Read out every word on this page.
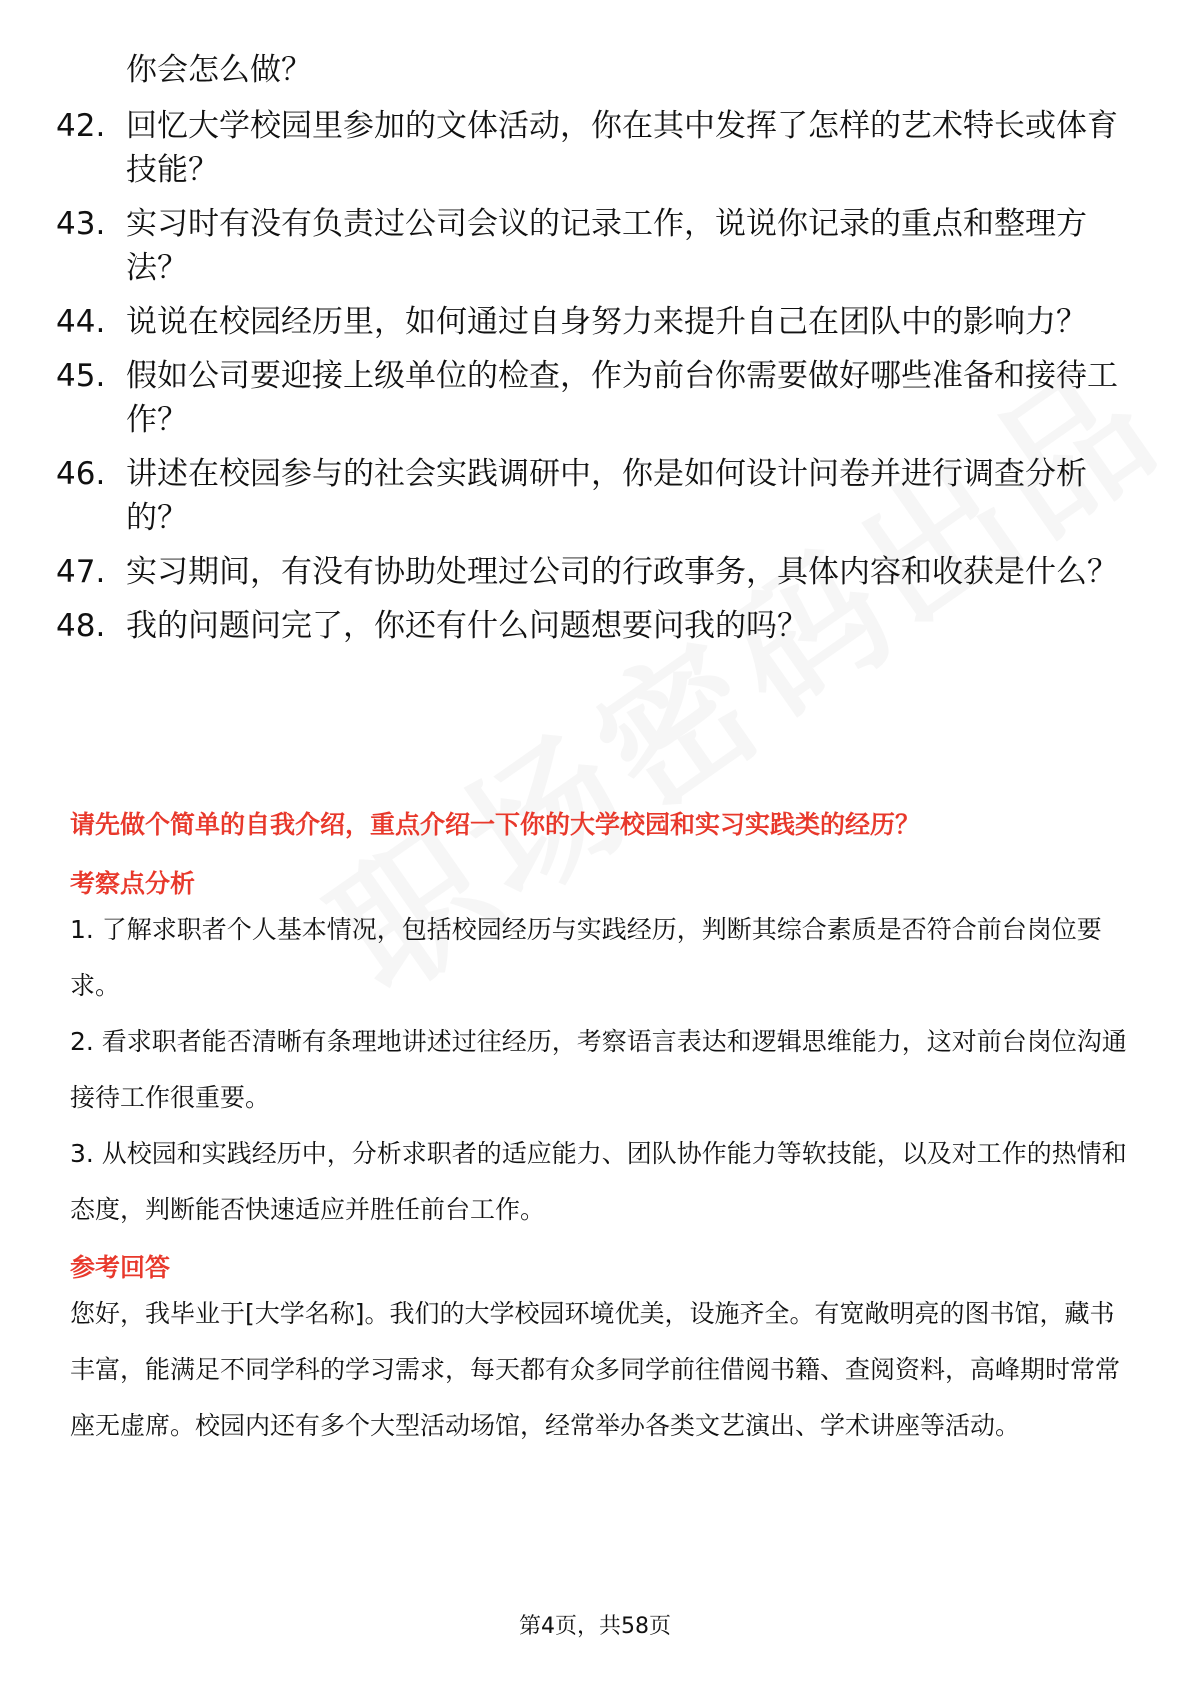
你会怎么做？
42. 回忆大学校园里参加的文体活动，你在其中发挥了怎样的艺术特长或体育技能？
43. 实习时有没有负责过公司会议的记录工作，说说你记录的重点和整理方法？
44. 说说在校园经历里，如何通过自身努力来提升自己在团队中的影响力？
45. 假如公司要迎接上级单位的检查，作为前台你需要做好哪些准备和接待工作？
46. 讲述在校园参与的社会实践调研中，你是如何设计问卷并进行调查分析的？
47. 实习期间，有没有协助处理过公司的行政事务，具体内容和收获是什么？
48. 我的问题问完了，你还有什么问题想要问我的吗？
请先做个简单的自我介绍，重点介绍一下你的大学校园和实习实践类的经历？
考察点分析
1. 了解求职者个人基本情况，包括校园经历与实践经历，判断其综合素质是否符合前台岗位要求。
2. 看求职者能否清晰有条理地讲述过往经历，考察语言表达和逻辑思维能力，这对前台岗位沟通接待工作很重要。
3. 从校园和实践经历中，分析求职者的适应能力、团队协作能力等软技能，以及对工作的热情和态度，判断能否快速适应并胜任前台工作。
参考回答
您好，我毕业于[大学名称]。我们的大学校园环境优美，设施齐全。有宽敞明亮的图书馆，藏书丰富，能满足不同学科的学习需求，每天都有众多同学前往借阅书籍、查阅资料，高峰期时常常座无虚席。校园内还有多个大型活动场馆，经常举办各类文艺演出、学术讲座等活动。
第4页，共58页
